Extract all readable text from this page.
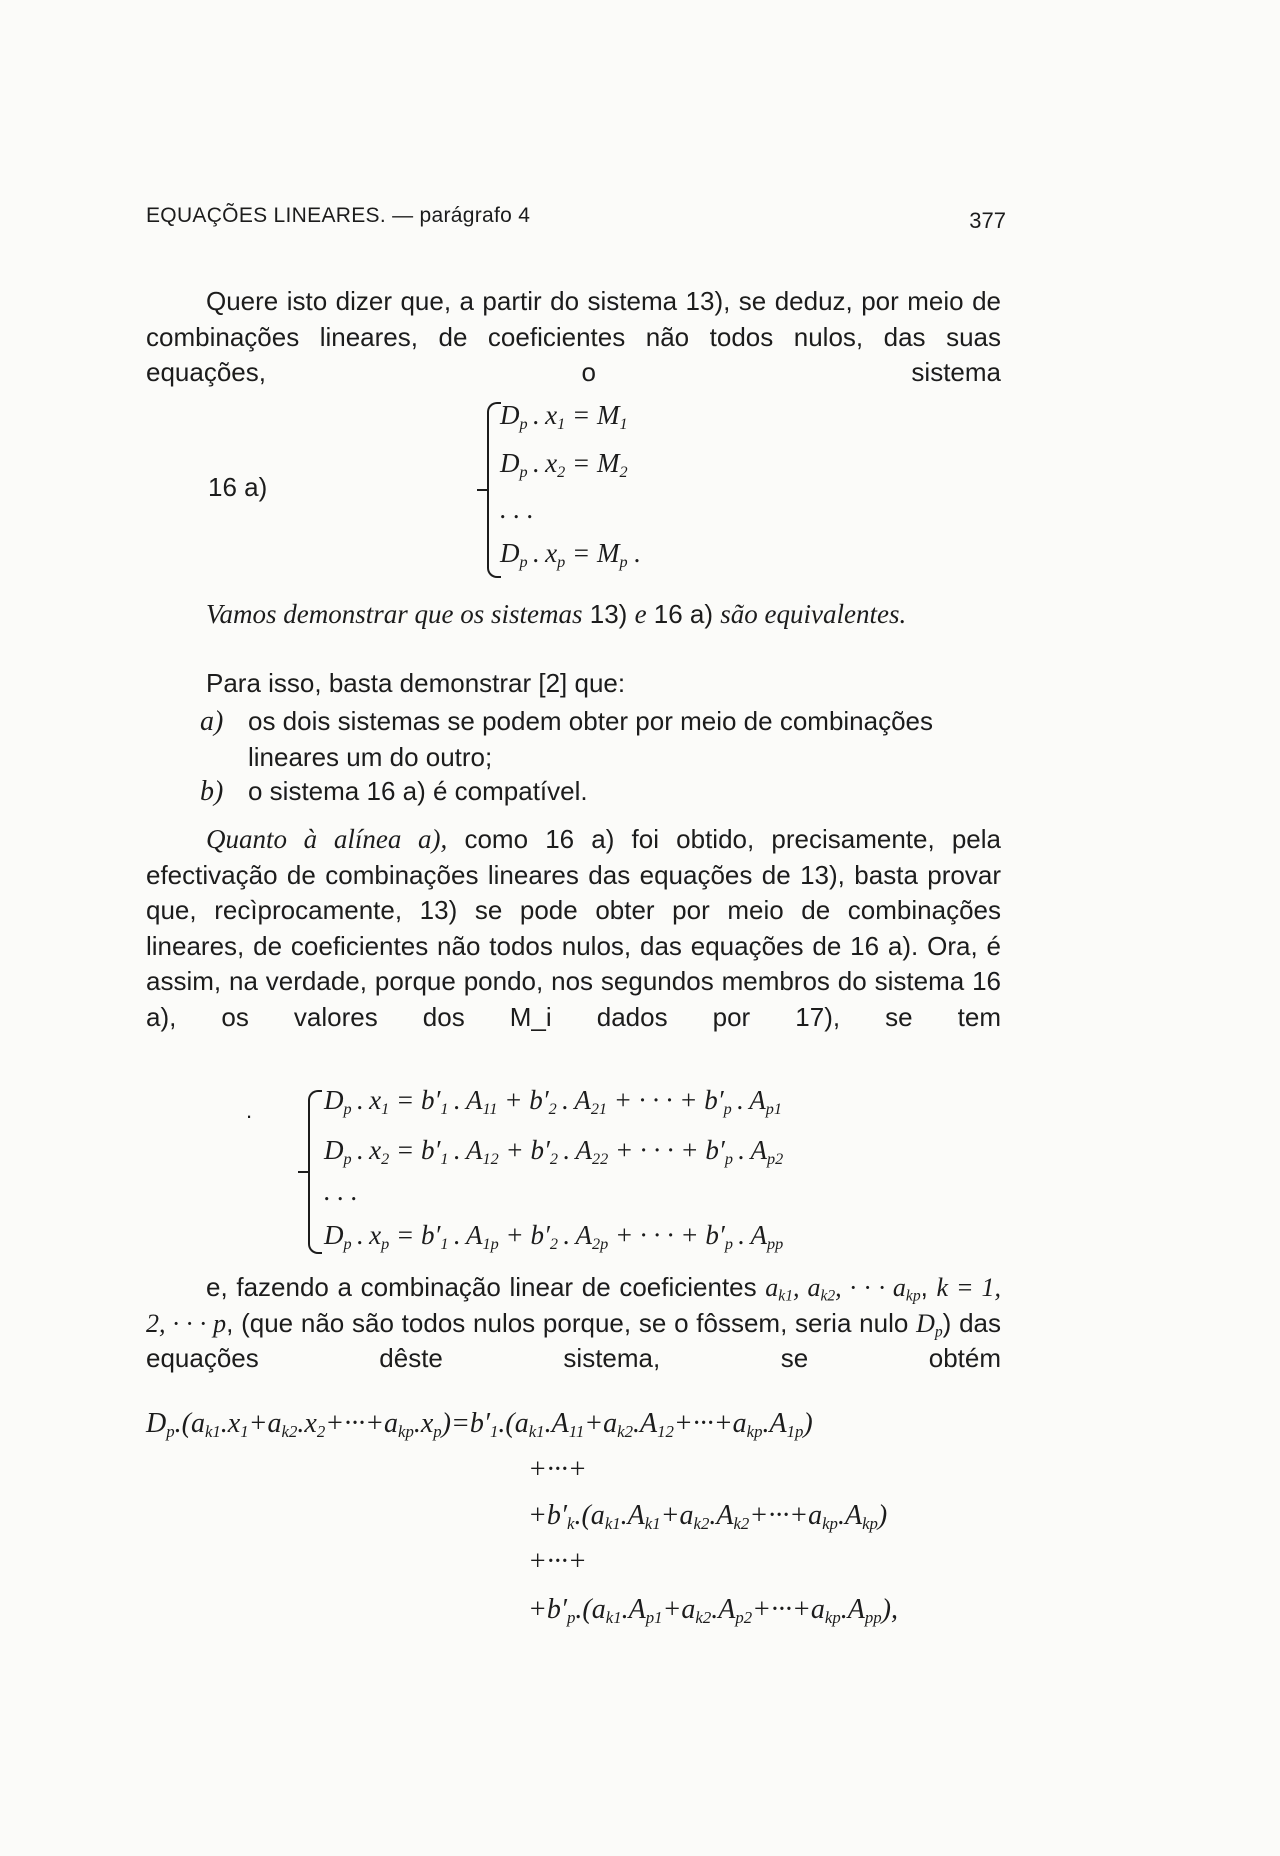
EQUAÇÕES LINEARES. — parágrafo 4	377
Quere isto dizer que, a partir do sistema 13), se deduz, por meio de combinações lineares, de coeficientes não todos nulos, das suas equações, o sistema
16 a)
$D_p$ . $x_1 = M_1$
$D_p$ . $x_2 = M_2$
. . .
$D_p$ . $x_p = M_p$ .
Vamos demonstrar que os sistemas 13) e 16 a) são equivalentes.
Para isso, basta demonstrar [2] que:
a) os dois sistemas se podem obter por meio de combinações lineares um do outro;
b) o sistema 16 a) é compatível.
Quanto à alínea a), como 16 a) foi obtido, precisamente, pela efectivação de combinações lineares das equações de 13), basta provar que, recìprocamente, 13) se pode obter por meio de combinações lineares, de coeficientes não todos nulos, das equações de 16 a). Ora, é assim, na verdade, porque pondo, nos segundos membros do sistema 16 a), os valores dos M_i dados por 17), se tem
.	$D_p$ . $x_1 = b'_1$ . $A_{11} + b'_2$ . $A_{21}$ + · · · + $b'_p$ . $A_{p1}$
$D_p$ . $x_2 = b'_1$ . $A_{12} + b'_2$ . $A_{22}$ + · · · + $b'_p$ . $A_{p2}$
. . .
$D_p$ . $x_p = b'_1$ . $A_{1p} + b'_2$ . $A_{2p}$ + · · · + $b'_p$ . $A_{pp}$
e, fazendo a combinação linear de coeficientes $a_{k1}$, $a_{k2}$, · · · $a_{kp}$, k = 1, 2, · · · p, (que não são todos nulos porque, se o fôssem, seria nulo $D_p$) das equações dêste sistema, se obtém
$D_p.(a_{k1}.x_1+a_{k2}.x_2+\cdot\cdot\cdot+a_{kp}.x_p)=b'_1.(a_{k1}.A_{11}+a_{k2}.A_{12}+\cdot\cdot\cdot+a_{kp}.A_{1p})$
+···+
$+b'_k.(a_{k1}.A_{k1}+a_{k2}.A_{k2}+\cdot\cdot\cdot+a_{kp}.A_{kp})$
+···+
$+b'_p.(a_{k1}.A_{p1}+a_{k2}.A_{p2}+\cdot\cdot\cdot+a_{kp}.A_{pp})$,
